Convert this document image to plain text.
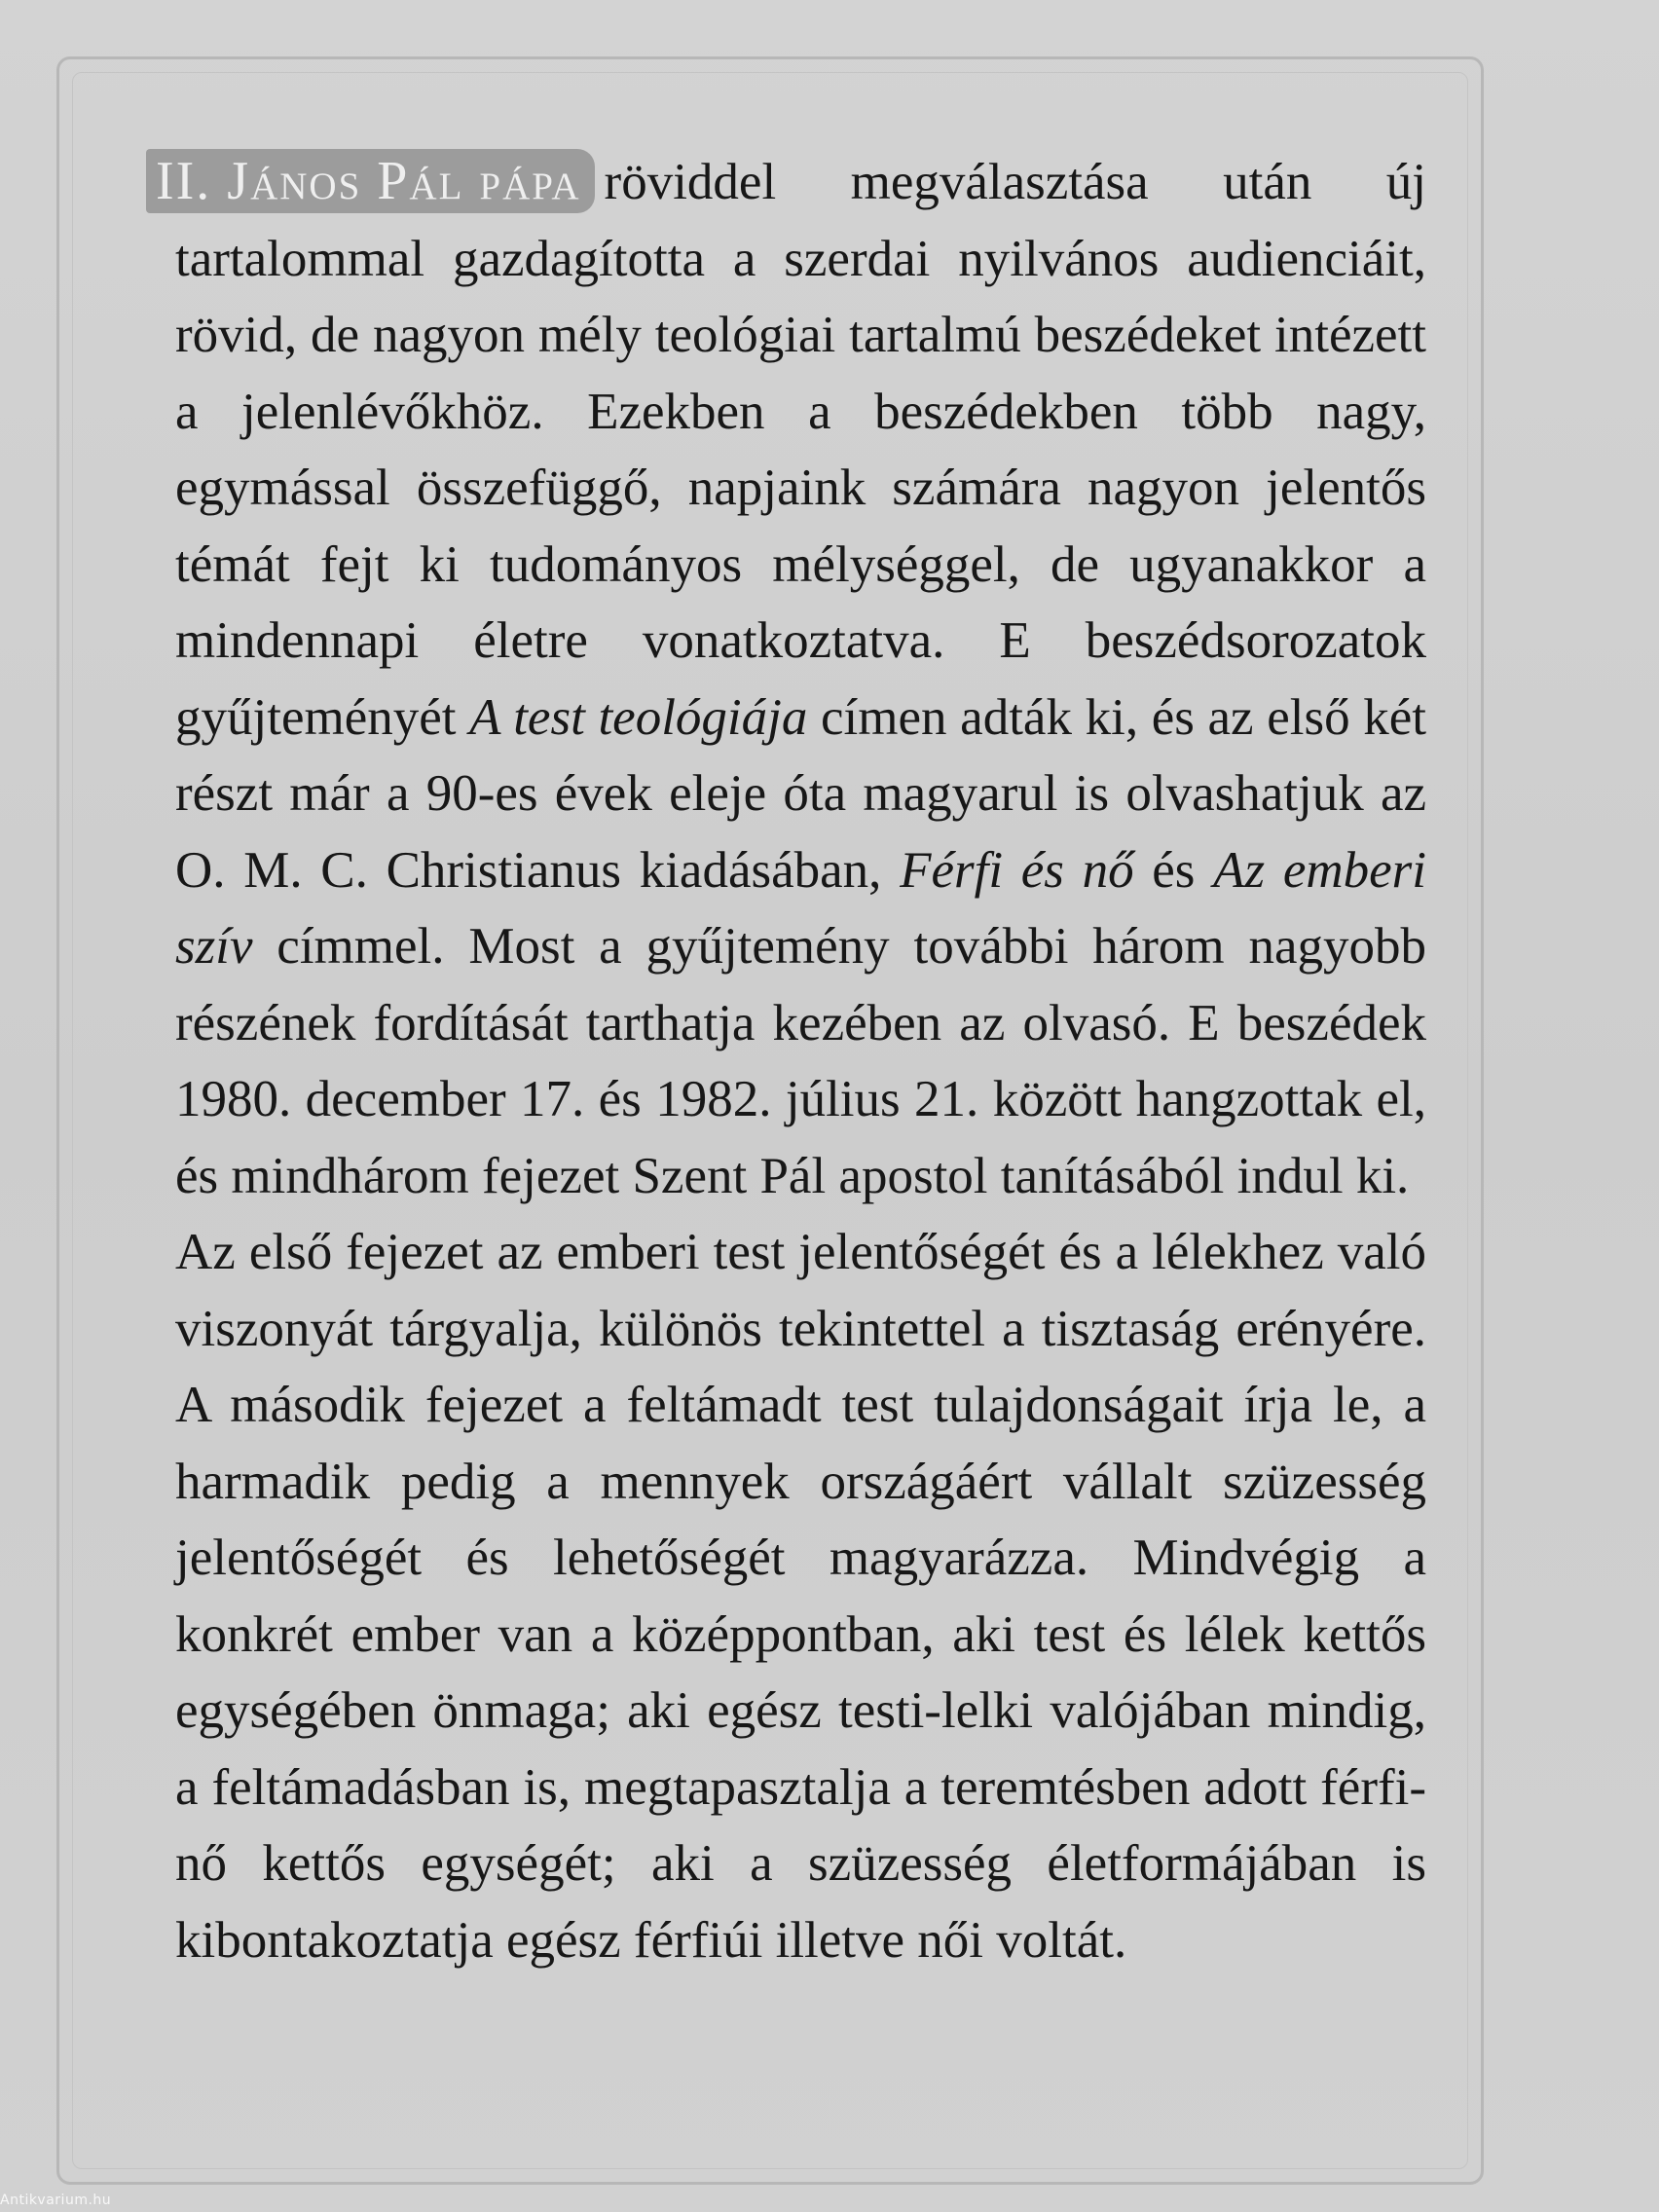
II. János Pál pápa röviddel megválasztása után új tartalommal gazdagította a szerdai nyilvános audienciáit, rövid, de nagyon mély teológiai tartalmú beszédeket intézett a jelenlévőkhöz. Ezekben a beszédekben több nagy, egymással összefüggő, napjaink számára nagyon jelentős témát fejt ki tudományos mélységgel, de ugyanakkor a mindennapi életre vonatkoztatva. E beszédsorozatok gyűjteményét A test teológiája címen adták ki, és az első két részt már a 90-es évek eleje óta magyarul is olvashatjuk az O. M. C. Christianus kiadásában, Férfi és nő és Az emberi szív címmel. Most a gyűjtemény további három nagyobb részének fordítását tarthatja kezében az olvasó. E beszédek 1980. december 17. és 1982. július 21. között hangzottak el, és mindhárom fejezet Szent Pál apostol tanításából indul ki.

Az első fejezet az emberi test jelentőségét és a lélekhez való viszonyát tárgyalja, különös tekintettel a tisztaság erényére. A második fejezet a feltámadt test tulajdonságait írja le, a harmadik pedig a mennyek országáért vállalt szüzesség jelentőségét és lehetőségét magyarázza. Mindvégig a konkrét ember van a középpontban, aki test és lélek kettős egységében önmaga; aki egész testi-lelki valójában mindig, a feltámadásban is, megtapasztalja a teremtésben adott férfi-nő kettős egységét; aki a szüzesség életformájában is kibontakoztatja egész férfiúi illetve női voltát.

Antikvarium.hu
